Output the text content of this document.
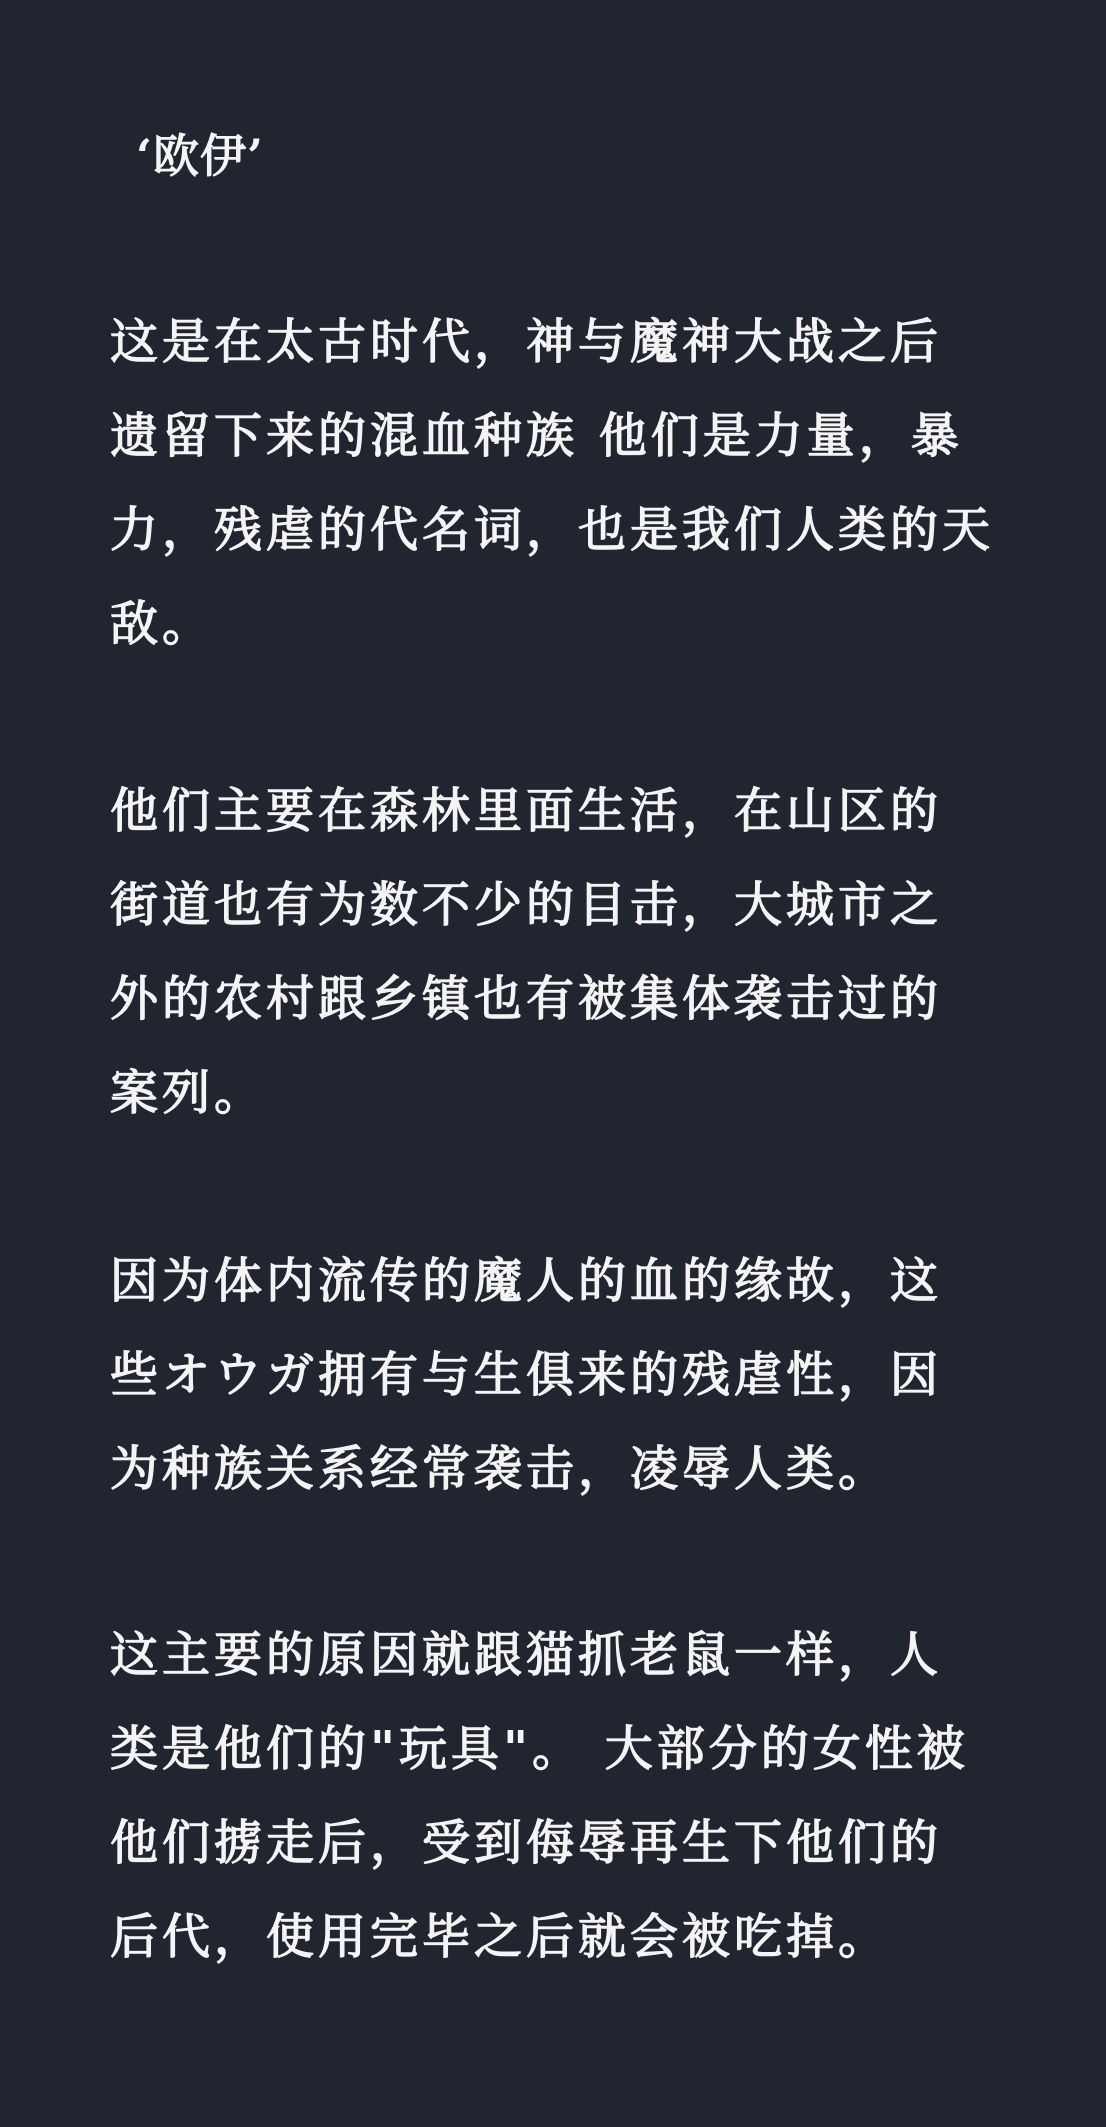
‘欧伊’
这是在太古时代，神与魔神大战之后
遗留下来的混血种族 他们是力量，暴
力，残虐的代名词，也是我们人类的天
敌。
他们主要在森林里面生活，在山区的
街道也有为数不少的目击，大城市之
外的农村跟乡镇也有被集体袭击过的
案列。
因为体内流传的魔人的血的缘故，这
些オウガ拥有与生俱来的残虐性，因
为种族关系经常袭击，凌辱人类。
这主要的原因就跟猫抓老鼠一样，人
类是他们的"玩具"。 大部分的女性被
他们掳走后，受到侮辱再生下他们的
后代，使用完毕之后就会被吃掉。
